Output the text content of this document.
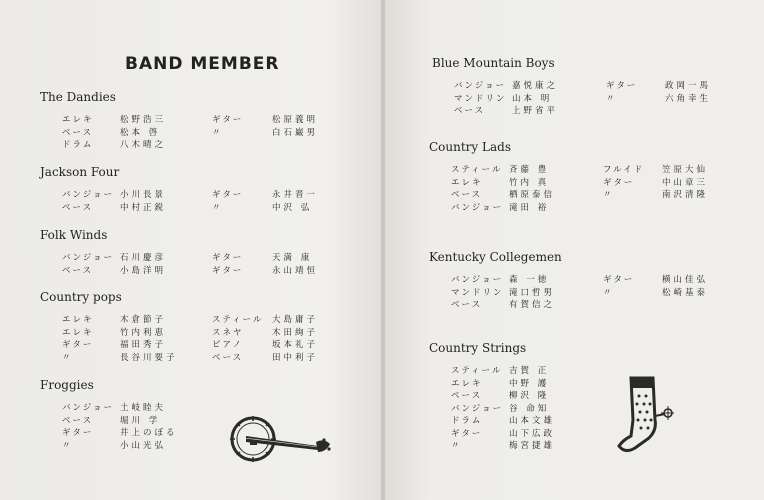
BAND MEMBER
The Dandies
エレキ	松野浩三	ギター	松原義明
ベース	松本 啓	〃	白石巌男
ドラム	八木晴之
Jackson Four
バンジョー 小川長景	ギター	永井晋一
ベース	中村正鋭	〃	中沢 弘
Folk Winds
バンジョー 石川慶彦	ギター	天満 康
ベース	小島洋明	ギター	永山靖恒
Country pops
エレキ	木倉節子	スティール 大島庸子
エレキ	竹内利恵	スネヤ	木田絢子
ギター	福田秀子	ピアノ	坂本礼子
〃	長谷川要子	ベース	田中利子
Froggies
バンジョー 土岐睦夫
ベース	堀川 学
ギター	井上のぼる
〃	小山光弘
Blue Mountain Boys
バンジョー 嘉悦康之	ギター	政岡一馬
マンドリン 山本 明	〃	六角幸生
ベース	上野省平
Country Lads
スティール 斉藤 豊	フルイド 笠原大仙
エレキ	竹内 真	ギター	中山章三
ベース	栖原泰信	〃	南沢清隆
バンジョー 滝田 裕
Kentucky Collegemen
バンジョー 森 一徳	ギター	横山佳弘
マンドリン 滝口哲男	〃	松崎基泰
ベース	有賀信之
Country Strings
スティール 吉賀 正
エレキ	中野 護
ベース	柳沢 隆
バンジョー 谷 命知
ドラム	山本文雄
ギター	山下広政
〃	梅宮捷雄
